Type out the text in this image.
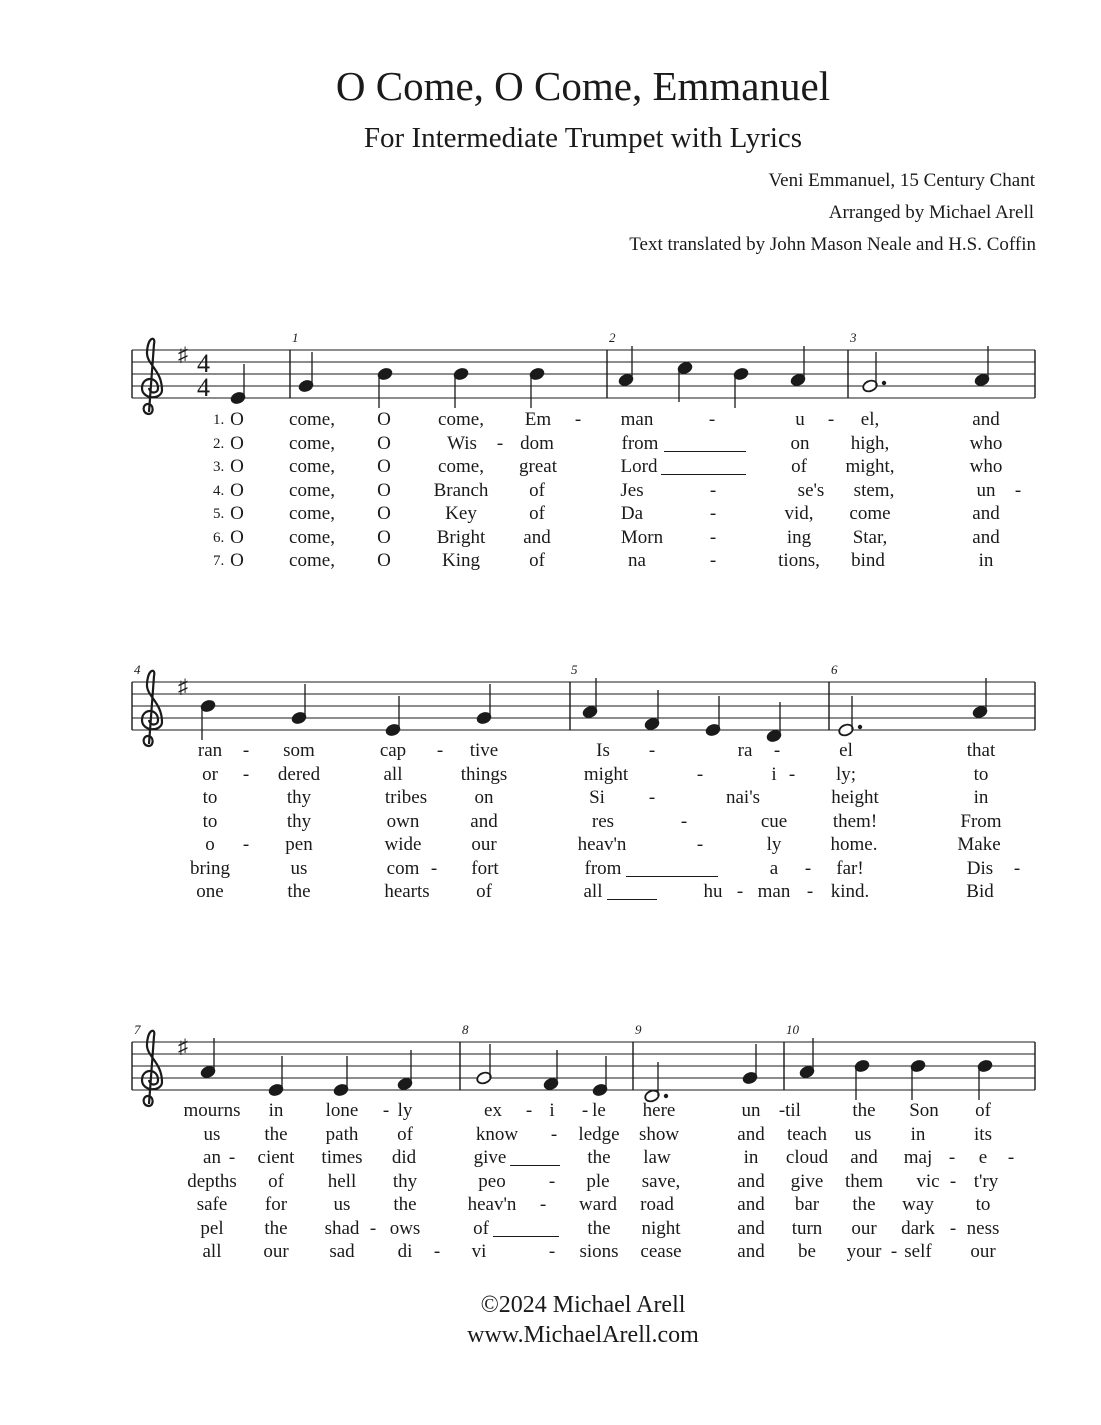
O Come, O Come, Emmanuel
For Intermediate Trumpet with Lyrics
Veni Emmanuel, 15 Century Chant
Arranged by Michael Arell
Text translated by John Mason Neale and H.S. Coffin
♯ 4
4
1	2	3
♯
4	5	6
♯
7	8	9	10
1. O come, O come, Em - man	-	u - el,	and
2. O come, O	Wis - dom	from	on high,	who
3. O come, O come, great	Lord	of might,	who
4. O come, O Branch of	Jes	-	se's stem,	un -
5. O come, O	Key	of	Da	-	vid, come	and
6. O come, O Bright and	Morn -	ing Star,	and
7. O come, O	King	of	na	-	tions, bind	in
ran - som	cap - tive	Is -	ra -	el	that
or - dered	all	things	might	-	i - ly;	to
to	thy	tribes on	Si -	nai's	height	in
to	thy	own	and	res	-	cue them!	From
o - pen	wide	our	heav'n	-	ly	home.	Make
bring	us	com - fort	from	a - far!	Dis -
one	the	hearts of	all	hu - man - kind.	Bid
mourns in lone - ly	ex - i - le here	un - til	the Son of
us the path of	know - ledge show	and teach us in	its
an - cient times did	give	the law	in cloud and maj - e -
depths of hell thy	peo - ple save,	and give them vic - t'ry
safe for us the	heav'n - ward road	and bar the way to
pel the shad - ows	of	the night	and turn our dark - ness
all our sad di - vi	- sions cease	and be your - self our
©2024 Michael Arell
www.MichaelArell.com
